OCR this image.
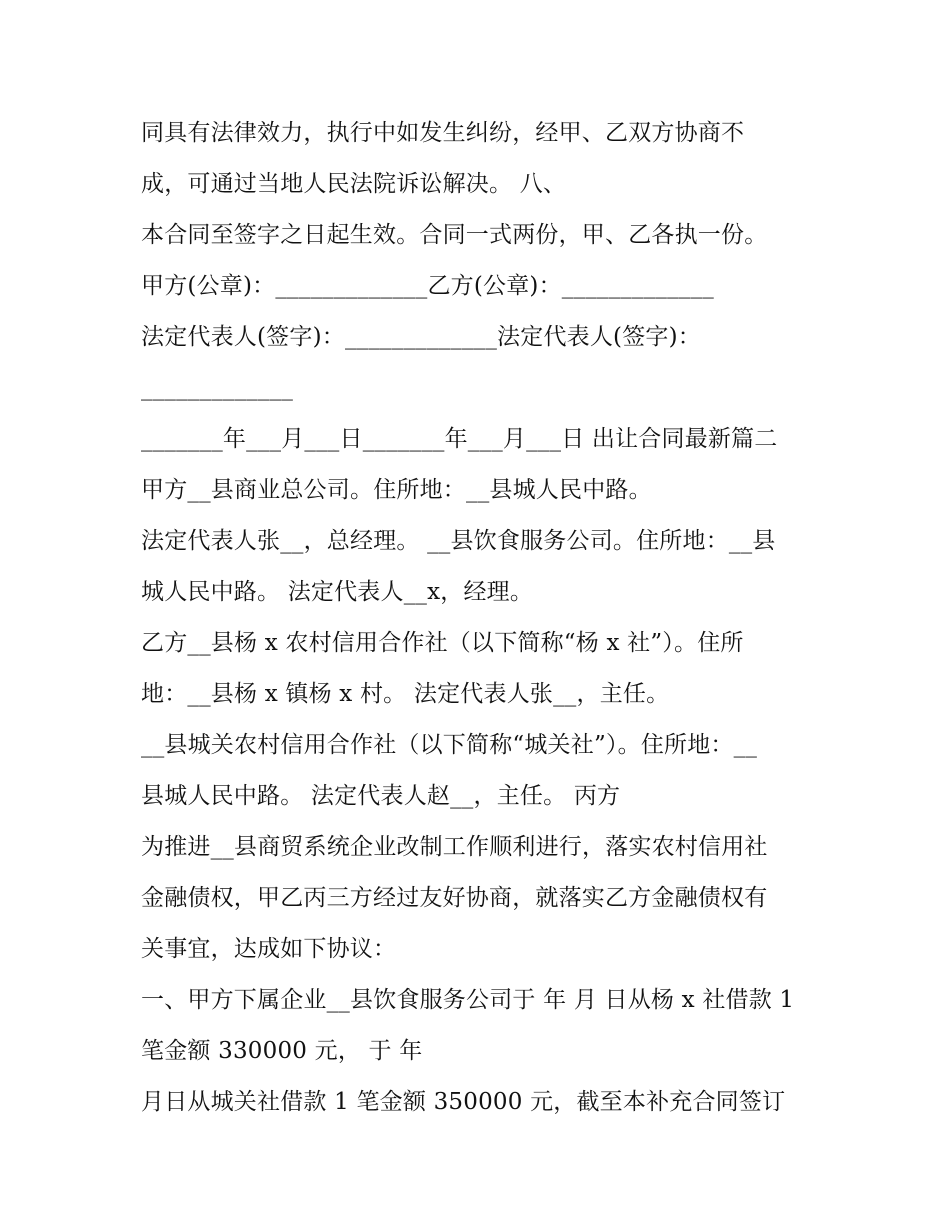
同具有法律效力，执行中如发生纠纷，经甲、乙双方协商不
成，可通过当地人民法院诉讼解决。 八、
本合同至签字之日起生效。合同一式两份，甲、乙各执一份。
甲方(公章)：_____________乙方(公章)：_____________
法定代表人(签字)：_____________法定代表人(签字)：
_____________
_______年___月___日_______年___月___日 出让合同最新篇二
甲方__县商业总公司。住所地：__县城人民中路。
法定代表人张__，总经理。 __县饮食服务公司。住所地：__县
城人民中路。 法定代表人__x，经理。
乙方__县杨 x 农村信用合作社（以下简称“杨 x 社”）。住所
地：__县杨 x 镇杨 x 村。 法定代表人张__，主任。
__县城关农村信用合作社（以下简称“城关社”）。住所地：__
县城人民中路。 法定代表人赵__，主任。 丙方
为推进__县商贸系统企业改制工作顺利进行，落实农村信用社
金融债权，甲乙丙三方经过友好协商，就落实乙方金融债权有
关事宜，达成如下协议：
一、甲方下属企业__县饮食服务公司于 年 月 日从杨 x 社借款 1
笔金额 330000 元， 于 年
月日从城关社借款 1 笔金额 350000 元，截至本补充合同签订
